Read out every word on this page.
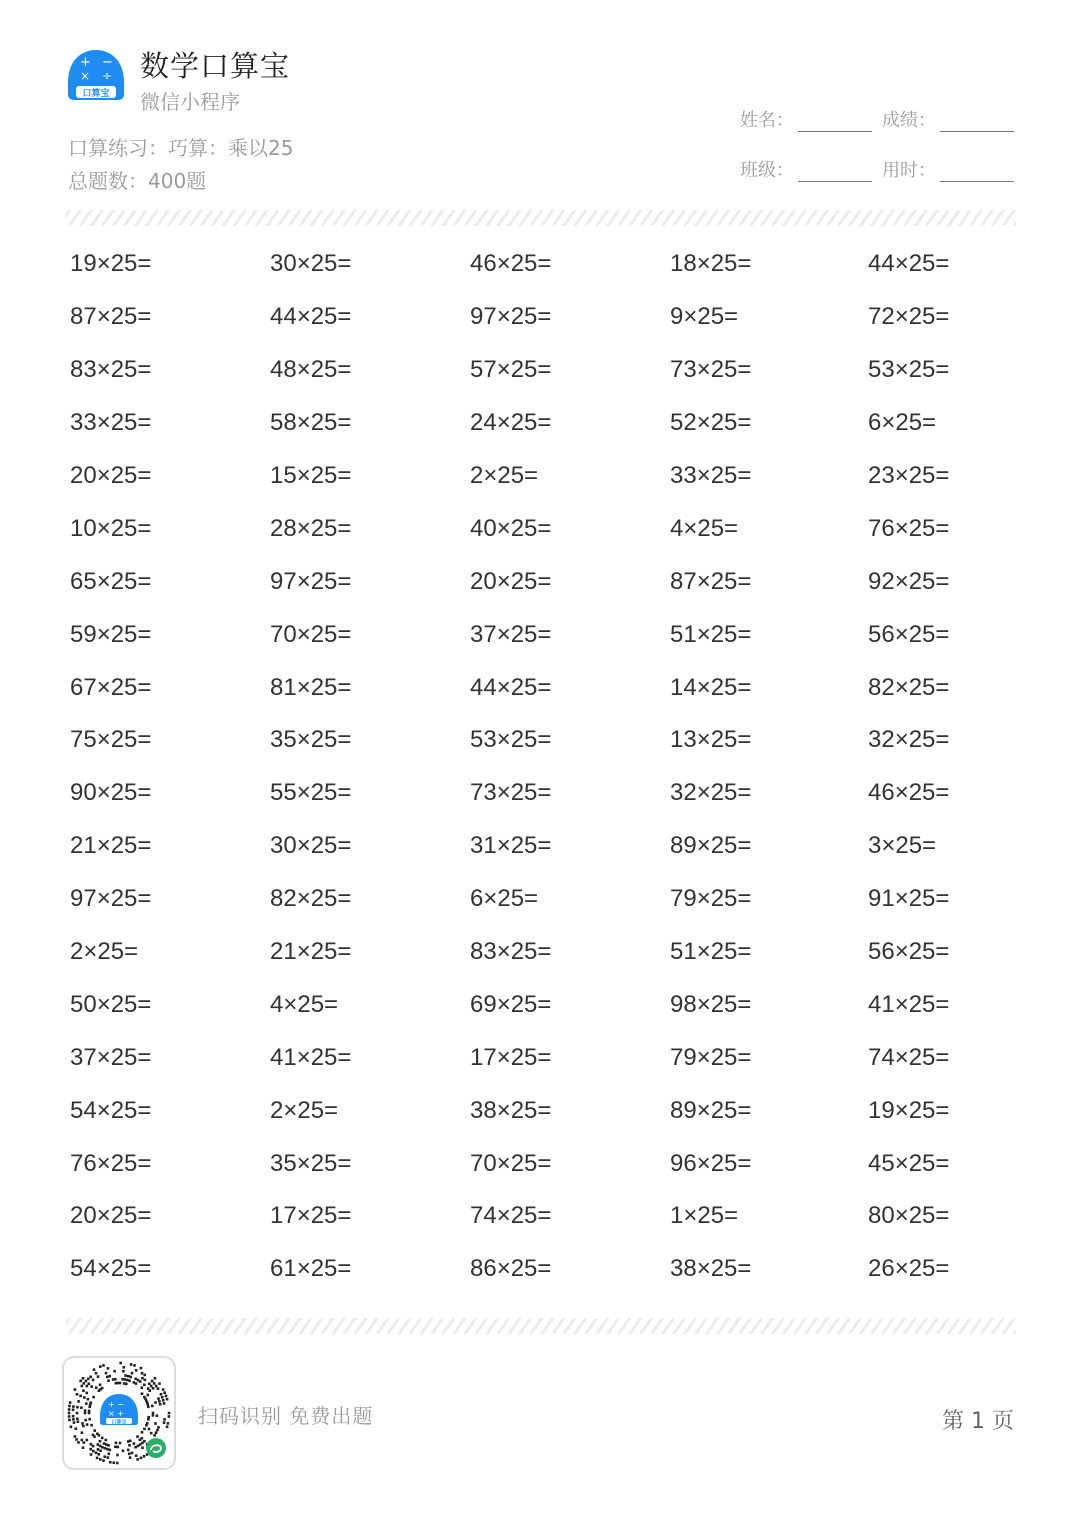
+ −
× ÷
口算宝
数学口算宝
微信小程序
口算练习：巧算：乘以25
总题数：400题
姓名：	成绩：
班级：	用时：
19×25=	30×25=	46×25=	18×25=	44×25=
87×25=	44×25=	97×25=	9×25=	72×25=
83×25=	48×25=	57×25=	73×25=	53×25=
33×25=	58×25=	24×25=	52×25=	6×25=
20×25=	15×25=	2×25=	33×25=	23×25=
10×25=	28×25=	40×25=	4×25=	76×25=
65×25=	97×25=	20×25=	87×25=	92×25=
59×25=	70×25=	37×25=	51×25=	56×25=
67×25=	81×25=	44×25=	14×25=	82×25=
75×25=	35×25=	53×25=	13×25=	32×25=
90×25=	55×25=	73×25=	32×25=	46×25=
21×25=	30×25=	31×25=	89×25=	3×25=
97×25=	82×25=	6×25=	79×25=	91×25=
2×25=	21×25=	83×25=	51×25=	56×25=
50×25=	4×25=	69×25=	98×25=	41×25=
37×25=	41×25=	17×25=	79×25=	74×25=
54×25=	2×25=	38×25=	89×25=	19×25=
76×25=	35×25=	70×25=	96×25=	45×25=
20×25=	17×25=	74×25=	1×25=	80×25=
54×25=	61×25=	86×25=	38×25=	26×25=
+ −
× +
口算宝	扫码识别 免费出题	第 1 页
